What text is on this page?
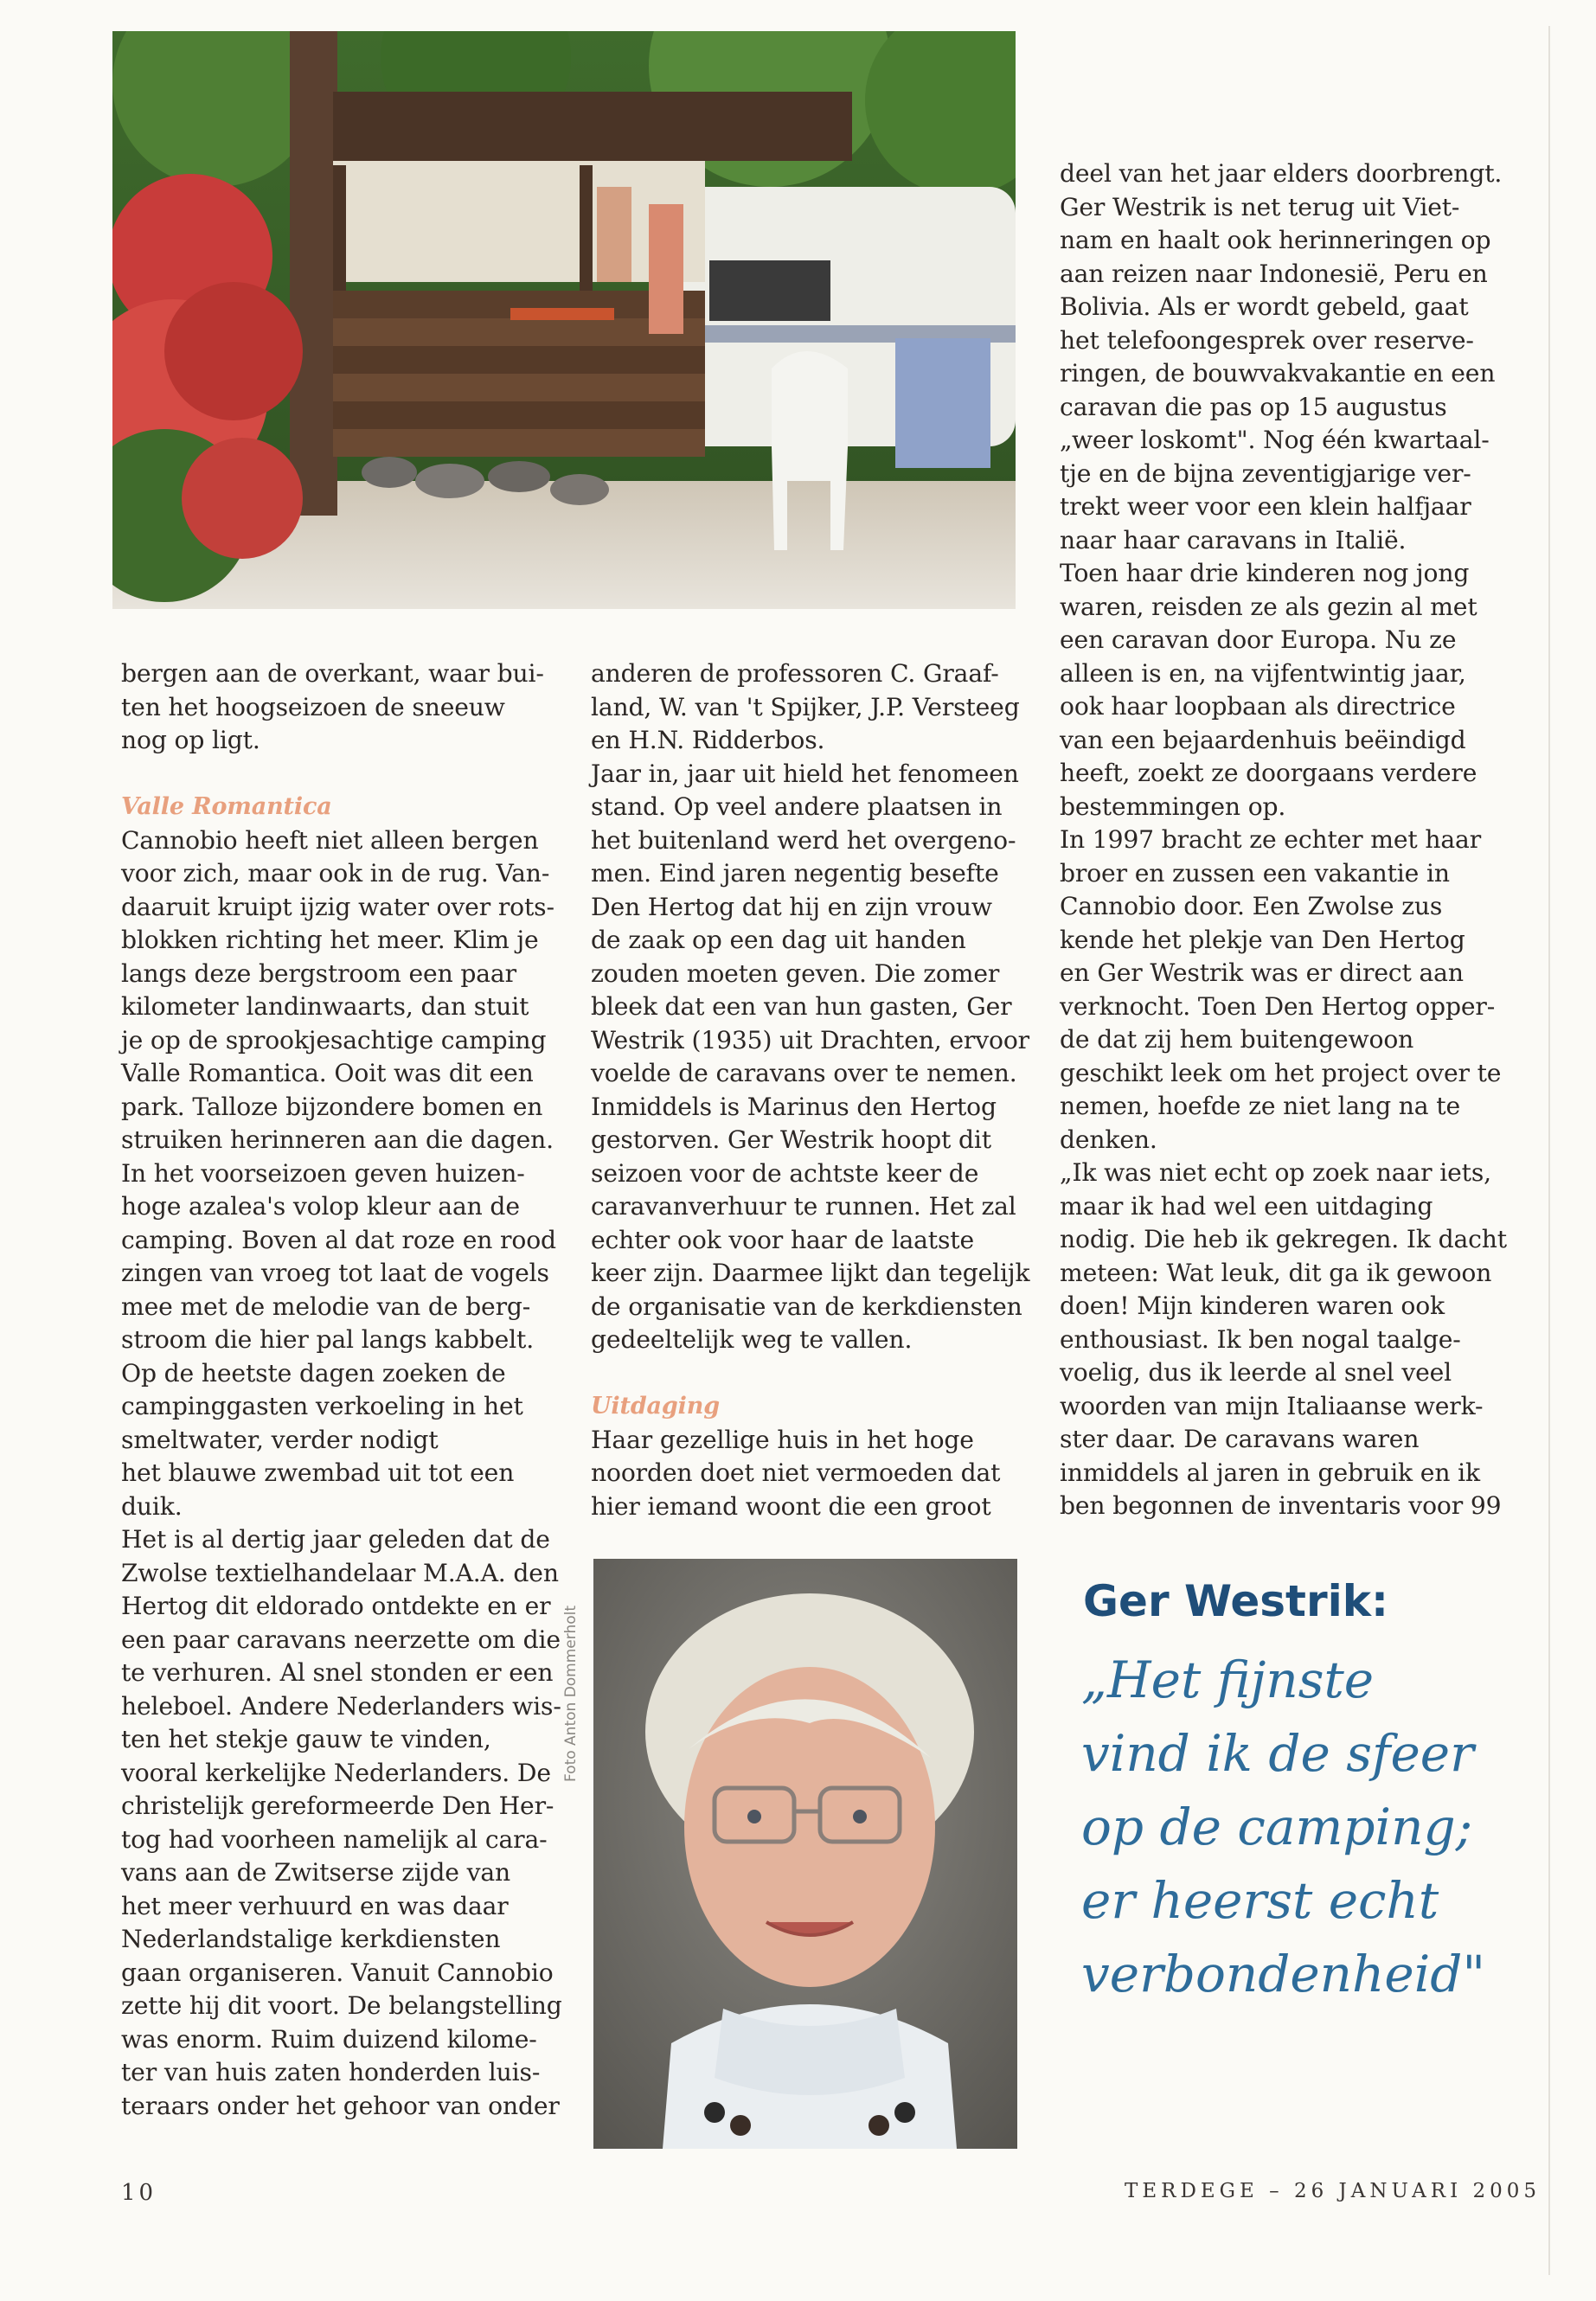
bergen aan de overkant, waar bui-
ten het hoogseizoen de sneeuw
nog op ligt.
Valle Romantica
Cannobio heeft niet alleen bergen
voor zich, maar ook in de rug. Van-
daaruit kruipt ijzig water over rots-
blokken richting het meer. Klim je
langs deze bergstroom een paar
kilometer landinwaarts, dan stuit
je op de sprookjesachtige camping
Valle Romantica. Ooit was dit een
park. Talloze bijzondere bomen en
struiken herinneren aan die dagen.
In het voorseizoen geven huizen-
hoge azalea's volop kleur aan de
camping. Boven al dat roze en rood
zingen van vroeg tot laat de vogels
mee met de melodie van de berg-
stroom die hier pal langs kabbelt.
Op de heetste dagen zoeken de
campinggasten verkoeling in het
smeltwater, verder nodigt
het blauwe zwembad uit tot een
duik.
Het is al dertig jaar geleden dat de
Zwolse textielhandelaar M.A.A. den
Hertog dit eldorado ontdekte en er
een paar caravans neerzette om die
te verhuren. Al snel stonden er een
heleboel. Andere Nederlanders wis-
ten het stekje gauw te vinden,
vooral kerkelijke Nederlanders. De
christelijk gereformeerde Den Her-
tog had voorheen namelijk al cara-
vans aan de Zwitserse zijde van
het meer verhuurd en was daar
Nederlandstalige kerkdiensten
gaan organiseren. Vanuit Cannobio
zette hij dit voort. De belangstelling
was enorm. Ruim duizend kilome-
ter van huis zaten honderden luis-
teraars onder het gehoor van onder
anderen de professoren C. Graaf-
land, W. van 't Spijker, J.P. Versteeg
en H.N. Ridderbos.
Jaar in, jaar uit hield het fenomeen
stand. Op veel andere plaatsen in
het buitenland werd het overgeno-
men. Eind jaren negentig besefte
Den Hertog dat hij en zijn vrouw
de zaak op een dag uit handen
zouden moeten geven. Die zomer
bleek dat een van hun gasten, Ger
Westrik (1935) uit Drachten, ervoor
voelde de caravans over te nemen.
Inmiddels is Marinus den Hertog
gestorven. Ger Westrik hoopt dit
seizoen voor de achtste keer de
caravanverhuur te runnen. Het zal
echter ook voor haar de laatste
keer zijn. Daarmee lijkt dan tegelijk
de organisatie van de kerkdiensten
gedeeltelijk weg te vallen.
Uitdaging
Haar gezellige huis in het hoge
noorden doet niet vermoeden dat
hier iemand woont die een groot
deel van het jaar elders doorbrengt.
Ger Westrik is net terug uit Viet-
nam en haalt ook herinneringen op
aan reizen naar Indonesië, Peru en
Bolivia. Als er wordt gebeld, gaat
het telefoongesprek over reserve-
ringen, de bouwvakvakantie en een
caravan die pas op 15 augustus
„weer loskomt". Nog één kwartaal-
tje en de bijna zeventigjarige ver-
trekt weer voor een klein halfjaar
naar haar caravans in Italië.
Toen haar drie kinderen nog jong
waren, reisden ze als gezin al met
een caravan door Europa. Nu ze
alleen is en, na vijfentwintig jaar,
ook haar loopbaan als directrice
van een bejaardenhuis beëindigd
heeft, zoekt ze doorgaans verdere
bestemmingen op.
In 1997 bracht ze echter met haar
broer en zussen een vakantie in
Cannobio door. Een Zwolse zus
kende het plekje van Den Hertog
en Ger Westrik was er direct aan
verknocht. Toen Den Hertog opper-
de dat zij hem buitengewoon
geschikt leek om het project over te
nemen, hoefde ze niet lang na te
denken.
„Ik was niet echt op zoek naar iets,
maar ik had wel een uitdaging
nodig. Die heb ik gekregen. Ik dacht
meteen: Wat leuk, dit ga ik gewoon
doen! Mijn kinderen waren ook
enthousiast. Ik ben nogal taalge-
voelig, dus ik leerde al snel veel
woorden van mijn Italiaanse werk-
ster daar. De caravans waren
inmiddels al jaren in gebruik en ik
ben begonnen de inventaris voor 99
Foto Anton Dommerholt
Ger Westrik:
„Het fijnste
vind ik de sfeer
op de camping;
er heerst echt
verbondenheid"
10	TERDEGE – 26 JANUARI 2005
